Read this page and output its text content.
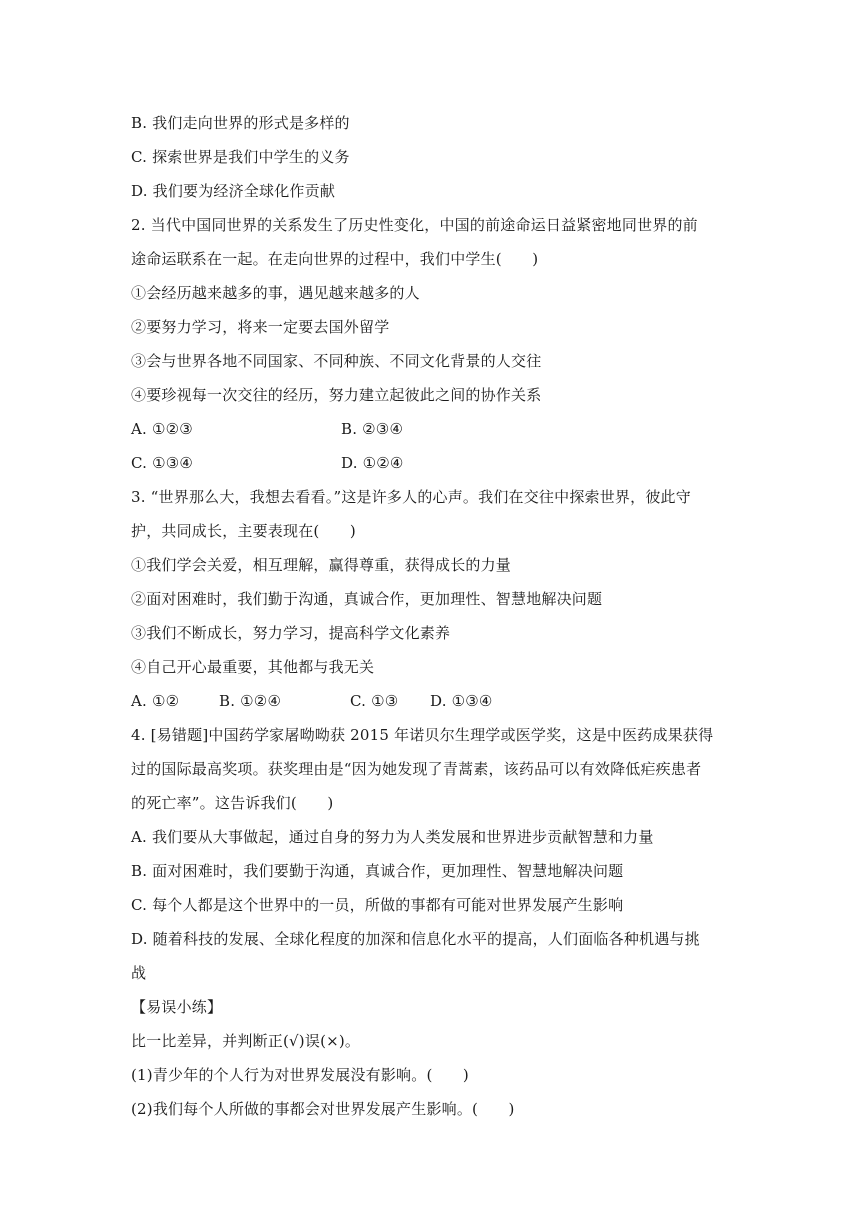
B. 我们走向世界的形式是多样的
C. 探索世界是我们中学生的义务
D. 我们要为经济全球化作贡献
2. 当代中国同世界的关系发生了历史性变化，中国的前途命运日益紧密地同世界的前
途命运联系在一起。在走向世界的过程中，我们中学生(　　)
①会经历越来越多的事，遇见越来越多的人
②要努力学习，将来一定要去国外留学
③会与世界各地不同国家、不同种族、不同文化背景的人交往
④要珍视每一次交往的经历，努力建立起彼此之间的协作关系
A. ①②③	B. ②③④
C. ①③④	D. ①②④
3. “世界那么大，我想去看看。”这是许多人的心声。我们在交往中探索世界，彼此守
护，共同成长，主要表现在(　　)
①我们学会关爱，相互理解，赢得尊重，获得成长的力量
②面对困难时，我们勤于沟通，真诚合作，更加理性、智慧地解决问题
③我们不断成长，努力学习，提高科学文化素养
④自己开心最重要，其他都与我无关
A. ①②	B. ①②④	C. ①③	D. ①③④
4. [易错题]中国药学家屠呦呦获 2015 年诺贝尔生理学或医学奖，这是中医药成果获得
过的国际最高奖项。获奖理由是“因为她发现了青蒿素，该药品可以有效降低疟疾患者
的死亡率”。这告诉我们(　　)
A. 我们要从大事做起，通过自身的努力为人类发展和世界进步贡献智慧和力量
B. 面对困难时，我们要勤于沟通，真诚合作，更加理性、智慧地解决问题
C. 每个人都是这个世界中的一员，所做的事都有可能对世界发展产生影响
D. 随着科技的发展、全球化程度的加深和信息化水平的提高，人们面临各种机遇与挑
战
【易误小练】
比一比差异，并判断正(√)误(×)。
(1)青少年的个人行为对世界发展没有影响。(　　)
(2)我们每个人所做的事都会对世界发展产生影响。(　　)
